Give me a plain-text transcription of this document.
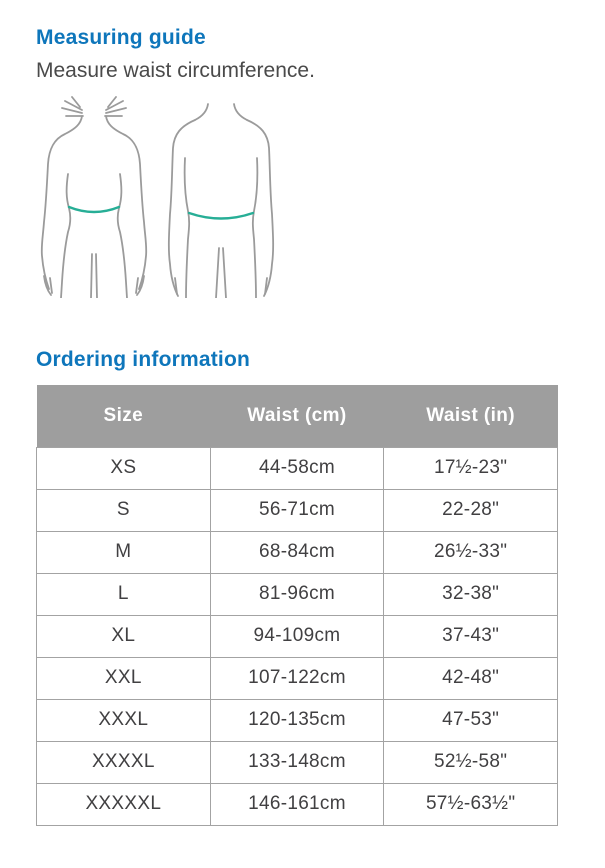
Measuring guide

Measure waist circumference.

Ordering information
Size	Waist (cm)	Waist (in)
XS	44-58cm	17½-23"
S	56-71cm	22-28"
M	68-84cm	26½-33"
L	81-96cm	32-38"
XL	94-109cm	37-43"
XXL	107-122cm	42-48"
XXXL	120-135cm	47-53"
XXXXL	133-148cm	52½-58"
XXXXXL	146-161cm	57½-63½"
